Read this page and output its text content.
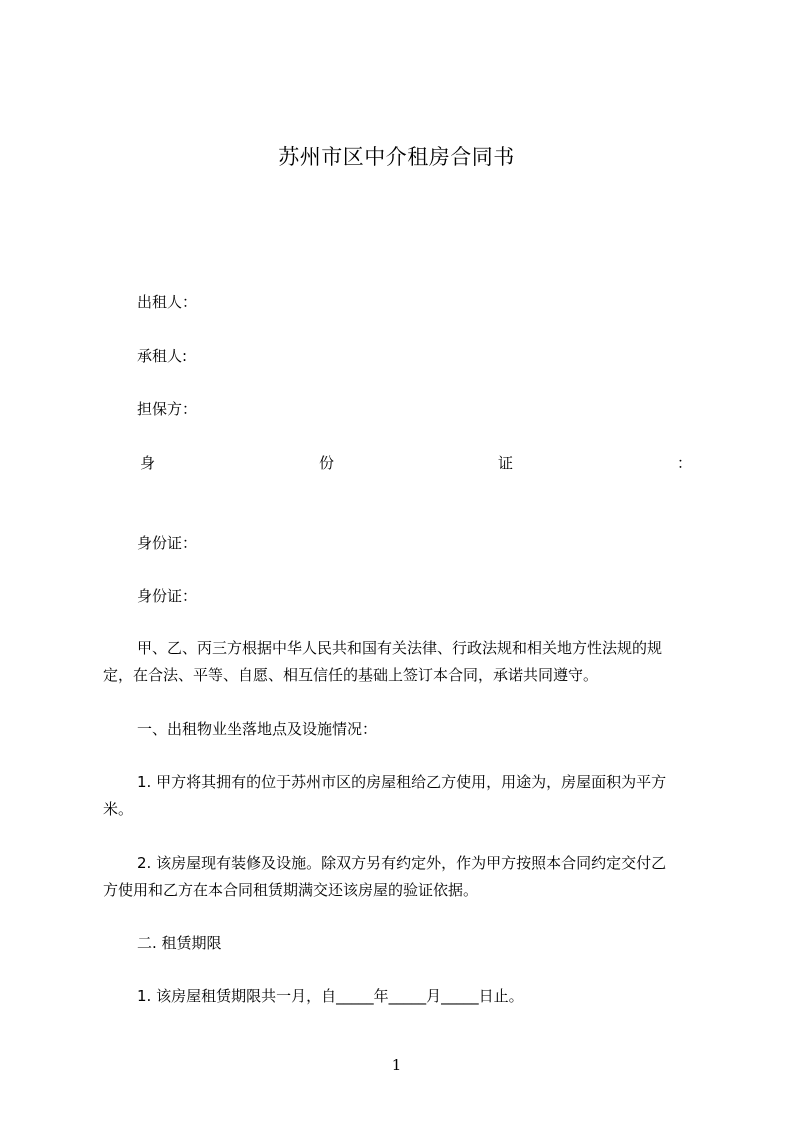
苏州市区中介租房合同书
出租人：
承租人:
担保方：
身	份	证	：
身份证：
身份证：
甲、乙、丙三方根据中华人民共和国有关法律、行政法规和相关地方性法规的规
定，在合法、平等、自愿、相互信任的基础上签订本合同，承诺共同遵守。
一、出租物业坐落地点及设施情况：
1. 甲方将其拥有的位于苏州市区的房屋租给乙方使用，用途为，房屋面积为平方
米。
2. 该房屋现有装修及设施。除双方另有约定外，作为甲方按照本合同约定交付乙
方使用和乙方在本合同租赁期满交还该房屋的验证依据。
二. 租赁期限
1. 该房屋租赁期限共一月，自_____年_____月_____日止。
1
